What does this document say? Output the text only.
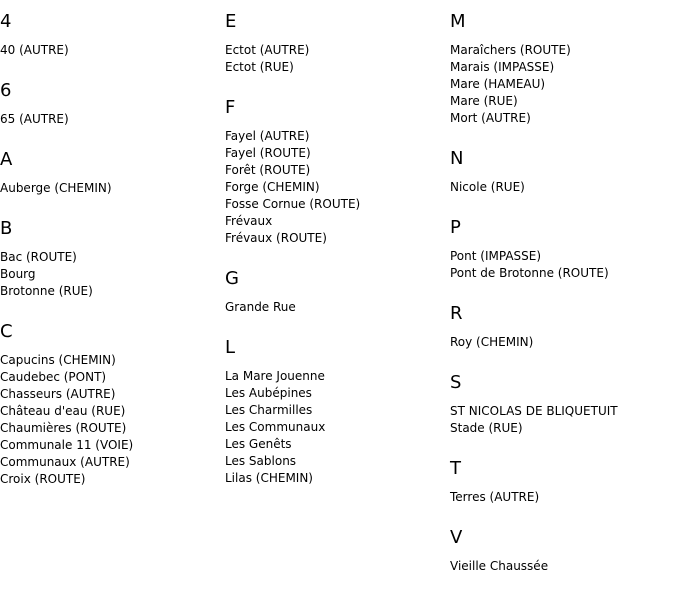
4
40 (AUTRE)
6
65 (AUTRE)
A
Auberge (CHEMIN)
B
Bac (ROUTE)
Bourg
Brotonne (RUE)
C
Capucins (CHEMIN)
Caudebec (PONT)
Chasseurs (AUTRE)
Château d'eau (RUE)
Chaumières (ROUTE)
Communale 11 (VOIE)
Communaux (AUTRE)
Croix (ROUTE)
E
Ectot (AUTRE)
Ectot (RUE)
F
Fayel (AUTRE)
Fayel (ROUTE)
Forêt (ROUTE)
Forge (CHEMIN)
Fosse Cornue (ROUTE)
Frévaux
Frévaux (ROUTE)
G
Grande Rue
L
La Mare Jouenne
Les Aubépines
Les Charmilles
Les Communaux
Les Genêts
Les Sablons
Lilas (CHEMIN)
M
Maraîchers (ROUTE)
Marais (IMPASSE)
Mare (HAMEAU)
Mare (RUE)
Mort (AUTRE)
N
Nicole (RUE)
P
Pont (IMPASSE)
Pont de Brotonne (ROUTE)
R
Roy (CHEMIN)
S
ST NICOLAS DE BLIQUETUIT
Stade (RUE)
T
Terres (AUTRE)
V
Vieille Chaussée
